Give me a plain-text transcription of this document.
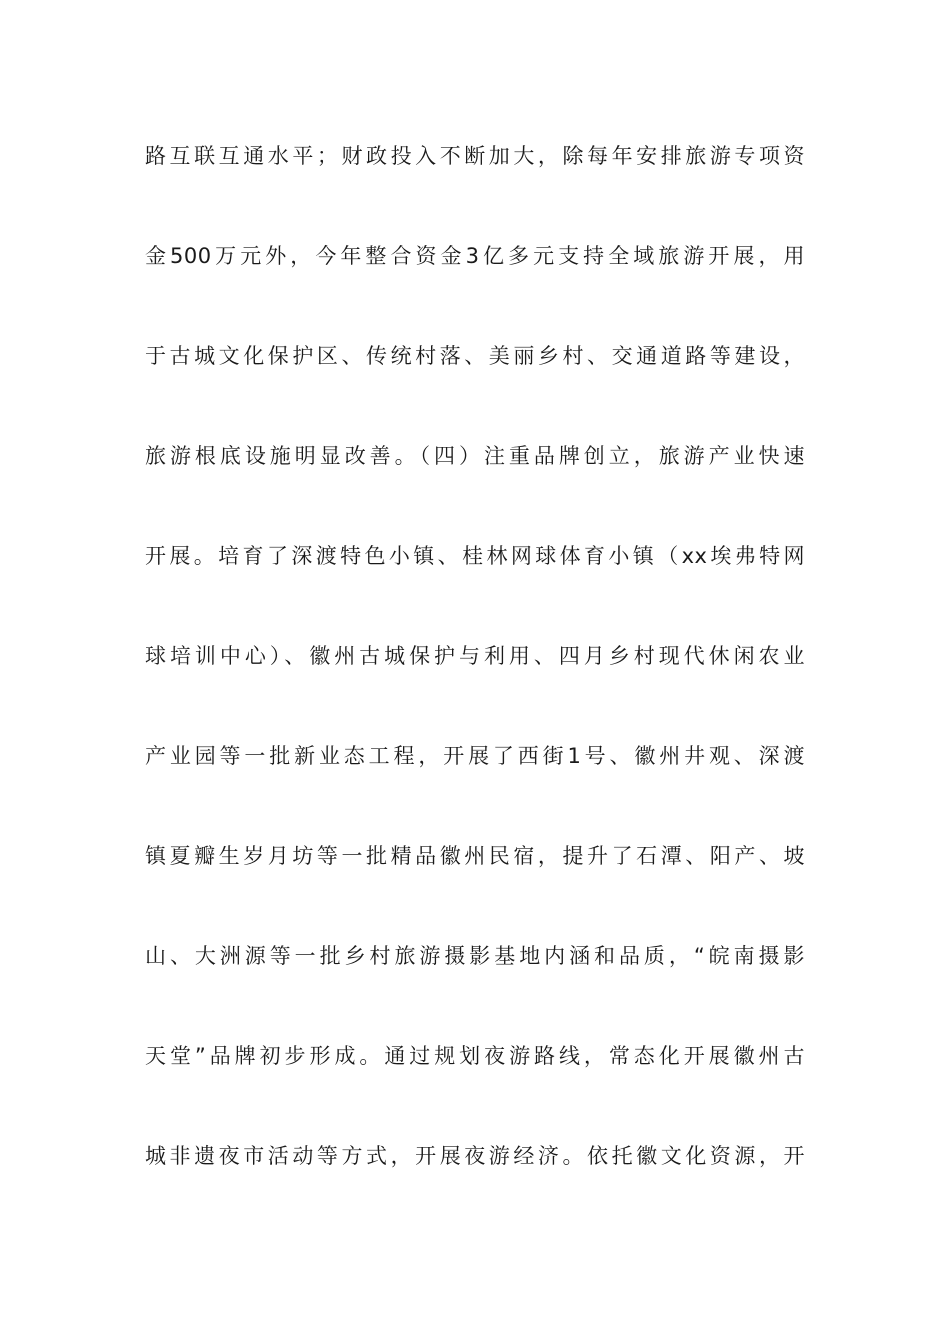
路互联互通水平；财政投入不断加大，除每年安排旅游专项资
金500万元外，今年整合资金3亿多元支持全域旅游开展，用
于古城文化保护区、传统村落、美丽乡村、交通道路等建设，
旅游根底设施明显改善。（四）注重品牌创立，旅游产业快速
开展。培育了深渡特色小镇、桂林网球体育小镇（xx埃弗特网
球培训中心）、徽州古城保护与利用、四月乡村现代休闲农业
产业园等一批新业态工程，开展了西街1号、徽州井观、深渡
镇夏瓣生岁月坊等一批精品徽州民宿，提升了石潭、阳产、坡
山、大洲源等一批乡村旅游摄影基地内涵和品质，“皖南摄影
天堂”品牌初步形成。通过规划夜游路线，常态化开展徽州古
城非遗夜市活动等方式，开展夜游经济。依托徽文化资源，开
